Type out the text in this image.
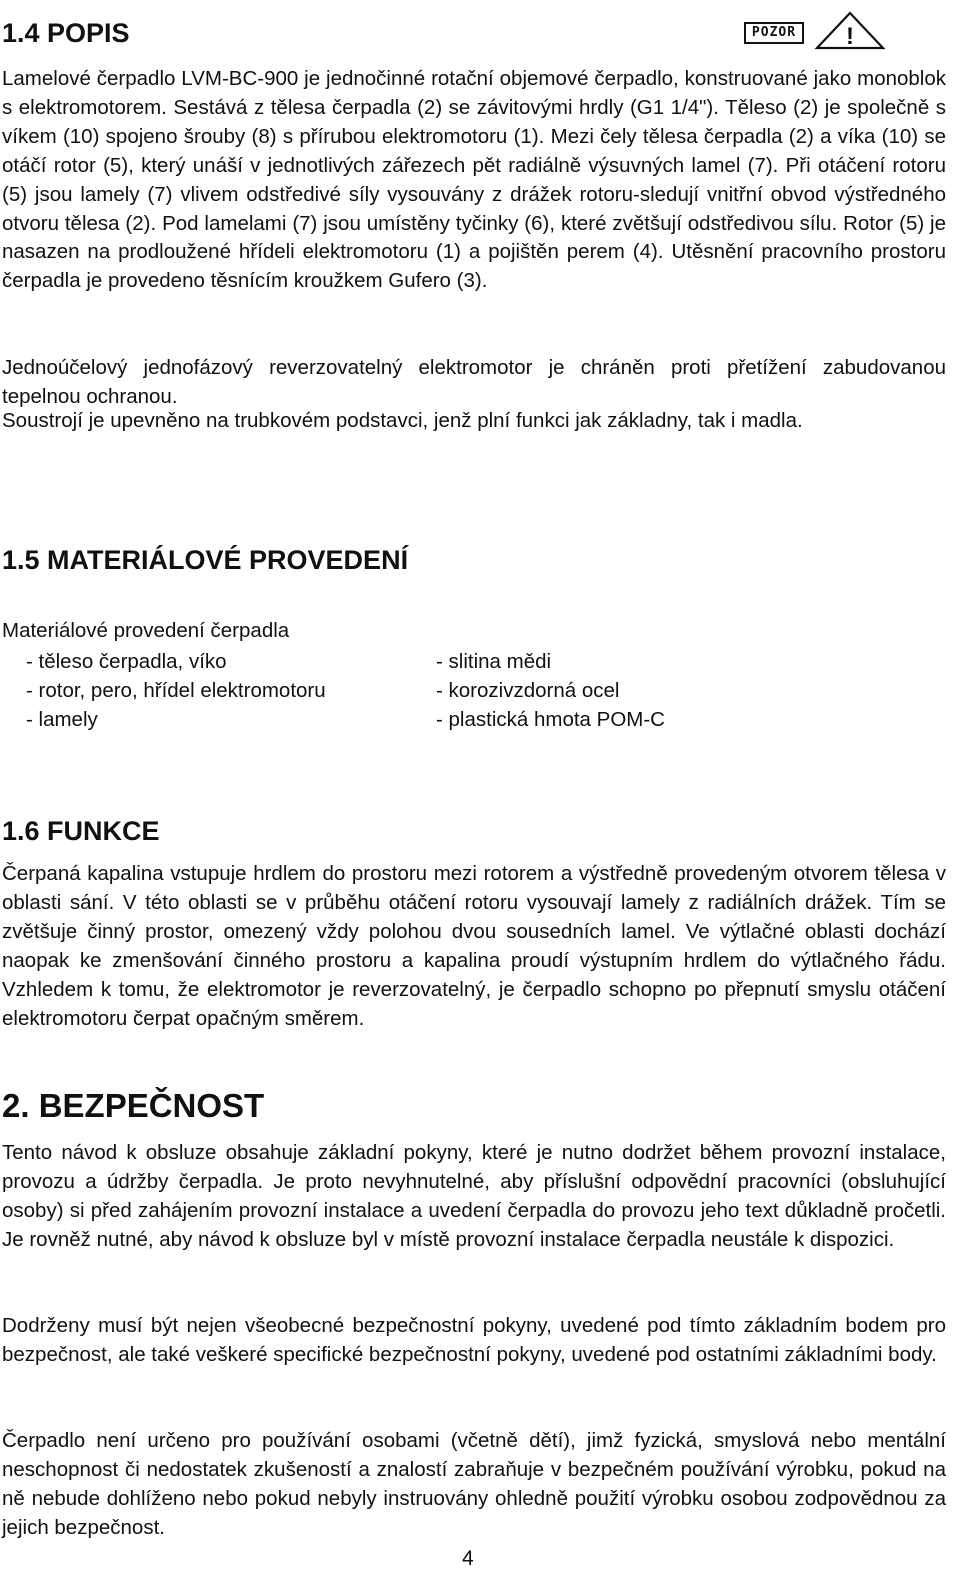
1.4 POPIS	POZOR	!

Lamelové čerpadlo LVM-BC-900 je jednočinné rotační objemové čerpadlo, konstruované jako monoblok s elektromotorem. Sestává z tělesa čerpadla (2) se závitovými hrdly (G1 1/4"). Těleso (2) je společně s víkem (10) spojeno šrouby (8) s přírubou elektromotoru (1). Mezi čely tělesa čerpadla (2) a víka (10) se otáčí rotor (5), který unáší v jednotlivých zářezech pět radiálně výsuvných lamel (7). Při otáčení rotoru (5) jsou lamely (7) vlivem odstředivé síly vysouvány z drážek rotoru-sledují vnitřní obvod výstředného otvoru tělesa (2). Pod lamelami (7) jsou umístěny tyčinky (6), které zvětšují odstředivou sílu. Rotor (5) je nasazen na prodloužené hřídeli elektromotoru (1) a pojištěn perem (4). Utěsnění pracovního prostoru čerpadla je provedeno těsnícím kroužkem Gufero (3).

Jednoúčelový jednofázový reverzovatelný elektromotor je chráněn proti přetížení zabudovanou tepelnou ochranou.

Soustrojí je upevněno na trubkovém podstavci, jenž plní funkci jak základny, tak i madla.

1.5 MATERIÁLOVÉ PROVEDENÍ

Materiálové provedení čerpadla

- těleso čerpadla, víko	- slitina mědi
- rotor, pero, hřídel elektromotoru	- korozivzdorná ocel
- lamely	- plastická hmota POM-C
1.6 FUNKCE

Čerpaná kapalina vstupuje hrdlem do prostoru mezi rotorem a výstředně provedeným otvorem tělesa v oblasti sání. V této oblasti se v průběhu otáčení rotoru vysouvají lamely z radiálních drážek. Tím se zvětšuje činný prostor, omezený vždy polohou dvou sousedních lamel. Ve výtlačné oblasti dochází naopak ke zmenšování činného prostoru a kapalina proudí výstupním hrdlem do výtlačného řádu. Vzhledem k tomu, že elektromotor je reverzovatelný, je čerpadlo schopno po přepnutí smyslu otáčení elektromotoru čerpat opačným směrem.

2. BEZPEČNOST

Tento návod k obsluze obsahuje základní pokyny, které je nutno dodržet během provozní instalace, provozu a údržby čerpadla. Je proto nevyhnutelné, aby příslušní odpovědní pracovníci (obsluhující osoby) si před zahájením provozní instalace a uvedení čerpadla do provozu jeho text důkladně pročetli. Je rovněž nutné, aby návod k obsluze byl v místě provozní instalace čerpadla neustále k dispozici.

Dodrženy musí být nejen všeobecné bezpečnostní pokyny, uvedené pod tímto základním bodem pro bezpečnost, ale také veškeré specifické bezpečnostní pokyny, uvedené pod ostatními základními body.

Čerpadlo není určeno pro používání osobami (včetně dětí), jimž fyzická, smyslová nebo mentální neschopnost či nedostatek zkušeností a znalostí zabraňuje v bezpečném používání výrobku, pokud na ně nebude dohlíženo nebo pokud nebyly instruovány ohledně použití výrobku osobou zodpovědnou za jejich bezpečnost.

4
